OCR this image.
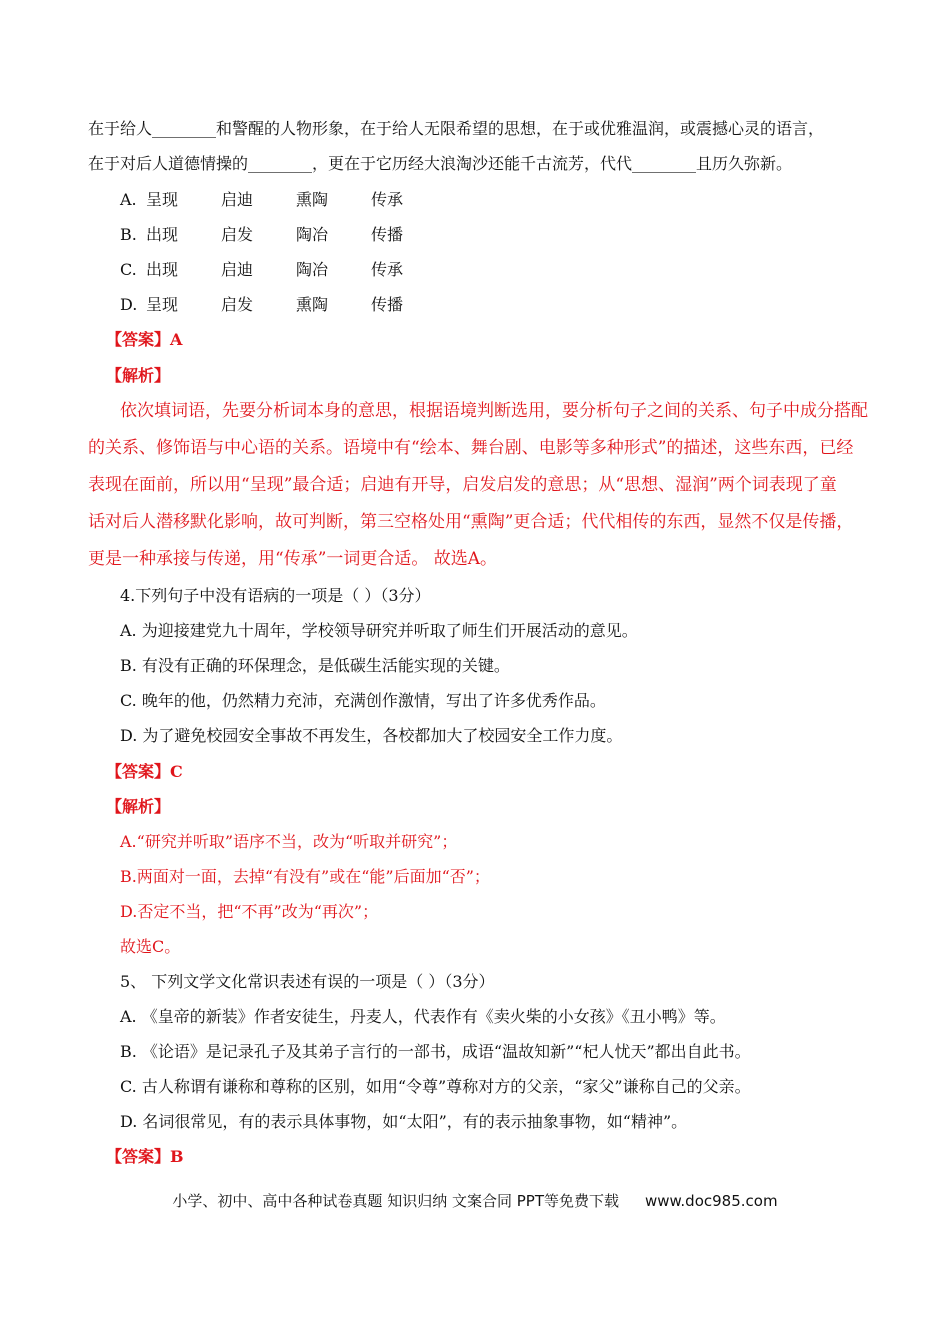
在于给人________和警醒的人物形象，在于给人无限希望的思想，在于或优雅温润，或震撼心灵的语言，
在于对后人道德情操的________，更在于它历经大浪淘沙还能千古流芳，代代________且历久弥新。
A. 呈现	启迪	熏陶	传承
B. 出现	启发	陶冶	传播
C. 出现	启迪	陶冶	传承
D. 呈现	启发	熏陶	传播
【答案】A
【解析】
依次填词语，先要分析词本身的意思，根据语境判断选用，要分析句子之间的关系、句子中成分搭配
的关系、修饰语与中心语的关系。语境中有“绘本、舞台剧、电影等多种形式”的描述，这些东西，已经
表现在面前，所以用“呈现”最合适；启迪有开导，启发启发的意思；从“思想、湿润”两个词表现了童
话对后人潜移默化影响，故可判断，第三空格处用“熏陶”更合适；代代相传的东西，显然不仅是传播，
更是一种承接与传递，用“传承”一词更合适。 故选A。
4.下列句子中没有语病的一项是（ ）（3分）
A. 为迎接建党九十周年，学校领导研究并听取了师生们开展活动的意见。
B. 有没有正确的环保理念，是低碳生活能实现的关键。
C. 晚年的他，仍然精力充沛，充满创作激情，写出了许多优秀作品。
D. 为了避免校园安全事故不再发生，各校都加大了校园安全工作力度。
【答案】C
【解析】
A.“研究并听取”语序不当，改为“听取并研究”；
B.两面对一面，去掉“有没有”或在“能”后面加“否”；
D.否定不当，把“不再”改为“再次”；
故选C。
5、 下列文学文化常识表述有误的一项是（ ）（3分）
A. 《皇帝的新装》作者安徒生，丹麦人，代表作有《卖火柴的小女孩》《丑小鸭》等。
B. 《论语》是记录孔子及其弟子言行的一部书，成语“温故知新”“杞人忧天”都出自此书。
C. 古人称谓有谦称和尊称的区别，如用“令尊”尊称对方的父亲，“家父”谦称自己的父亲。
D. 名词很常见，有的表示具体事物，如“太阳”，有的表示抽象事物，如“精神”。
【答案】B
小学、初中、高中各种试卷真题 知识归纳 文案合同 PPT等免费下载 www.doc985.com
